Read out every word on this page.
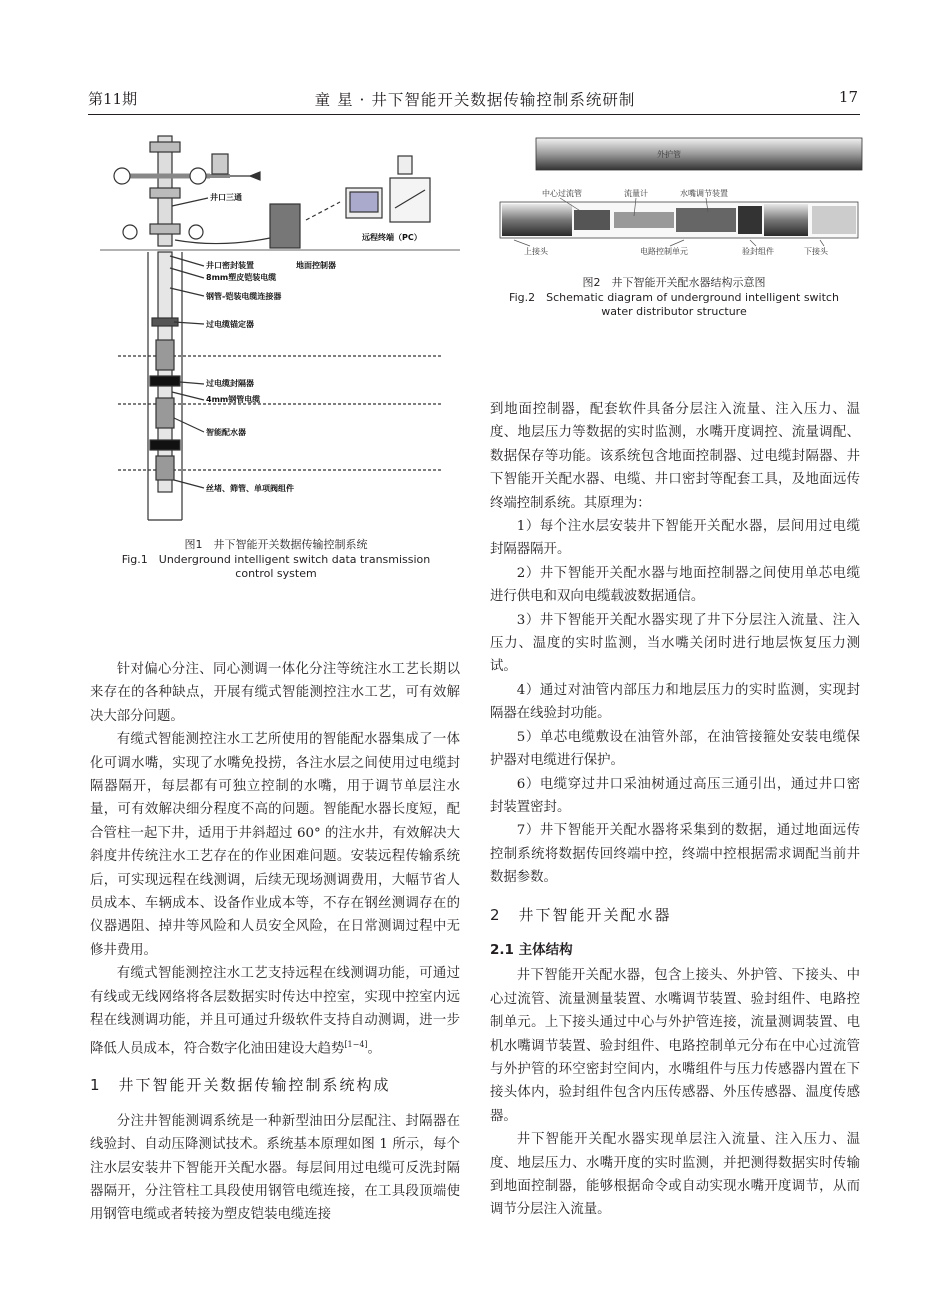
第11期	童 星 · 井下智能开关数据传输控制系统研制	17
井口三通
远程终端（PC）
井口密封装置	地面控制器
8mm塑皮铠装电缆
钢管-铠装电缆连接器
过电缆锚定器
过电缆封隔器
4mm钢管电缆
智能配水器
丝堵、筛管、单项阀组件
图1　井下智能开关数据传输控制系统
Fig.1　Underground intelligent switch data transmission control system
外护管
中心过流管	流量计	水嘴调节装置
上接头	电路控制单元	验封组件	下接头
图2　井下智能开关配水器结构示意图
Fig.2　Schematic diagram of underground intelligent switch water distributor structure

针对偏心分注、同心测调一体化分注等统注水工艺长期以来存在的各种缺点，开展有缆式智能测控注水工艺，可有效解决大部分问题。

有缆式智能测控注水工艺所使用的智能配水器集成了一体化可调水嘴，实现了水嘴免投捞，各注水层之间使用过电缆封隔器隔开，每层都有可独立控制的水嘴，用于调节单层注水量，可有效解决细分程度不高的问题。智能配水器长度短，配合管柱一起下井，适用于井斜超过 60° 的注水井，有效解决大斜度井传统注水工艺存在的作业困难问题。安装远程传输系统后，可实现远程在线测调，后续无现场测调费用，大幅节省人员成本、车辆成本、设备作业成本等，不存在钢丝测调存在的仪器遇阻、掉井等风险和人员安全风险，在日常测调过程中无修井费用。

有缆式智能测控注水工艺支持远程在线测调功能，可通过有线或无线网络将各层数据实时传达中控室，实现中控室内远程在线测调功能，并且可通过升级软件支持自动测调，进一步降低人员成本，符合数字化油田建设大趋势[1−4]。

1　井下智能开关数据传输控制系统构成

分注井智能测调系统是一种新型油田分层配注、封隔器在线验封、自动压降测试技术。系统基本原理如图 1 所示，每个注水层安装井下智能开关配水器。每层间用过电缆可反洗封隔器隔开，分注管柱工具段使用钢管电缆连接，在工具段顶端使用钢管电缆或者转接为塑皮铠装电缆连接

到地面控制器，配套软件具备分层注入流量、注入压力、温度、地层压力等数据的实时监测，水嘴开度调控、流量调配、数据保存等功能。该系统包含地面控制器、过电缆封隔器、井下智能开关配水器、电缆、井口密封等配套工具，及地面远传终端控制系统。其原理为：

1）每个注水层安装井下智能开关配水器，层间用过电缆封隔器隔开。

2）井下智能开关配水器与地面控制器之间使用单芯电缆进行供电和双向电缆载波数据通信。

3）井下智能开关配水器实现了井下分层注入流量、注入压力、温度的实时监测，当水嘴关闭时进行地层恢复压力测试。

4）通过对油管内部压力和地层压力的实时监测，实现封隔器在线验封功能。

5）单芯电缆敷设在油管外部，在油管接箍处安装电缆保护器对电缆进行保护。

6）电缆穿过井口采油树通过高压三通引出，通过井口密封装置密封。

7）井下智能开关配水器将采集到的数据，通过地面远传控制系统将数据传回终端中控，终端中控根据需求调配当前井数据参数。

2　井下智能开关配水器
2.1 主体结构

井下智能开关配水器，包含上接头、外护管、下接头、中心过流管、流量测量装置、水嘴调节装置、验封组件、电路控制单元。上下接头通过中心与外护管连接，流量测调装置、电机水嘴调节装置、验封组件、电路控制单元分布在中心过流管与外护管的环空密封空间内，水嘴组件与压力传感器内置在下接头体内，验封组件包含内压传感器、外压传感器、温度传感器。

井下智能开关配水器实现单层注入流量、注入压力、温度、地层压力、水嘴开度的实时监测，并把测得数据实时传输到地面控制器，能够根据命令或自动实现水嘴开度调节，从而调节分层注入流量。
